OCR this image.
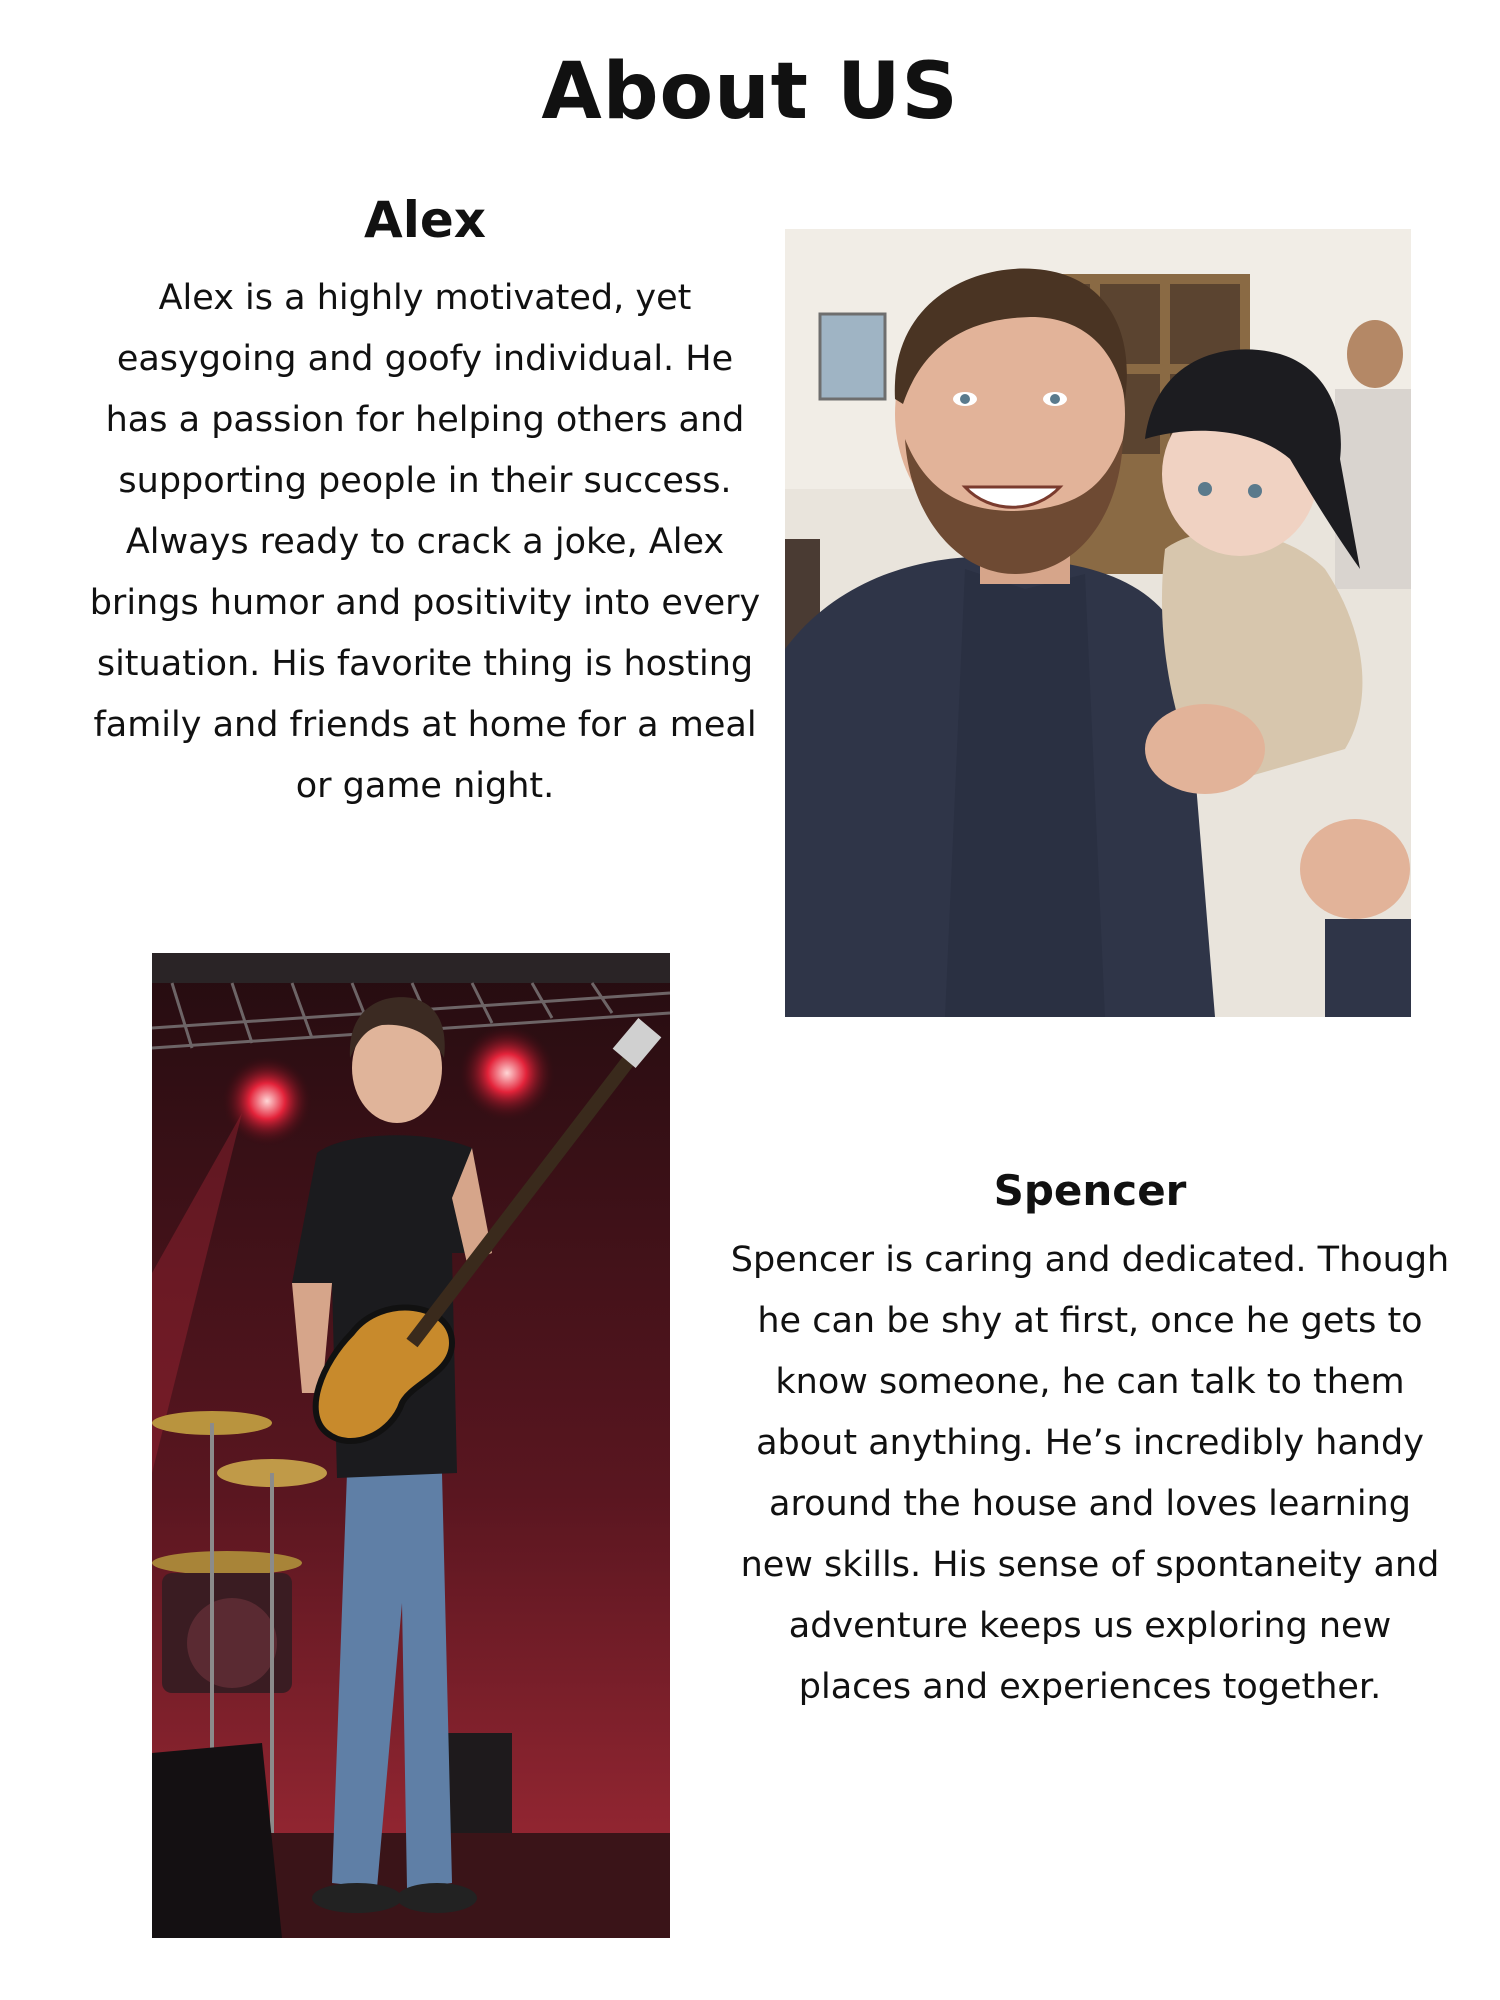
About US
Alex

Alex is a highly motivated, yet easygoing and goofy individual. He has a passion for helping others and supporting people in their success. Always ready to crack a joke, Alex brings humor and positivity into every situation. His favorite thing is hosting family and friends at home for a meal or game night.

Spencer

Spencer is caring and dedicated. Though he can be shy at first, once he gets to know someone, he can talk to them about anything. He’s incredibly handy around the house and loves learning new skills. His sense of spontaneity and adventure keeps us exploring new places and experiences together.
